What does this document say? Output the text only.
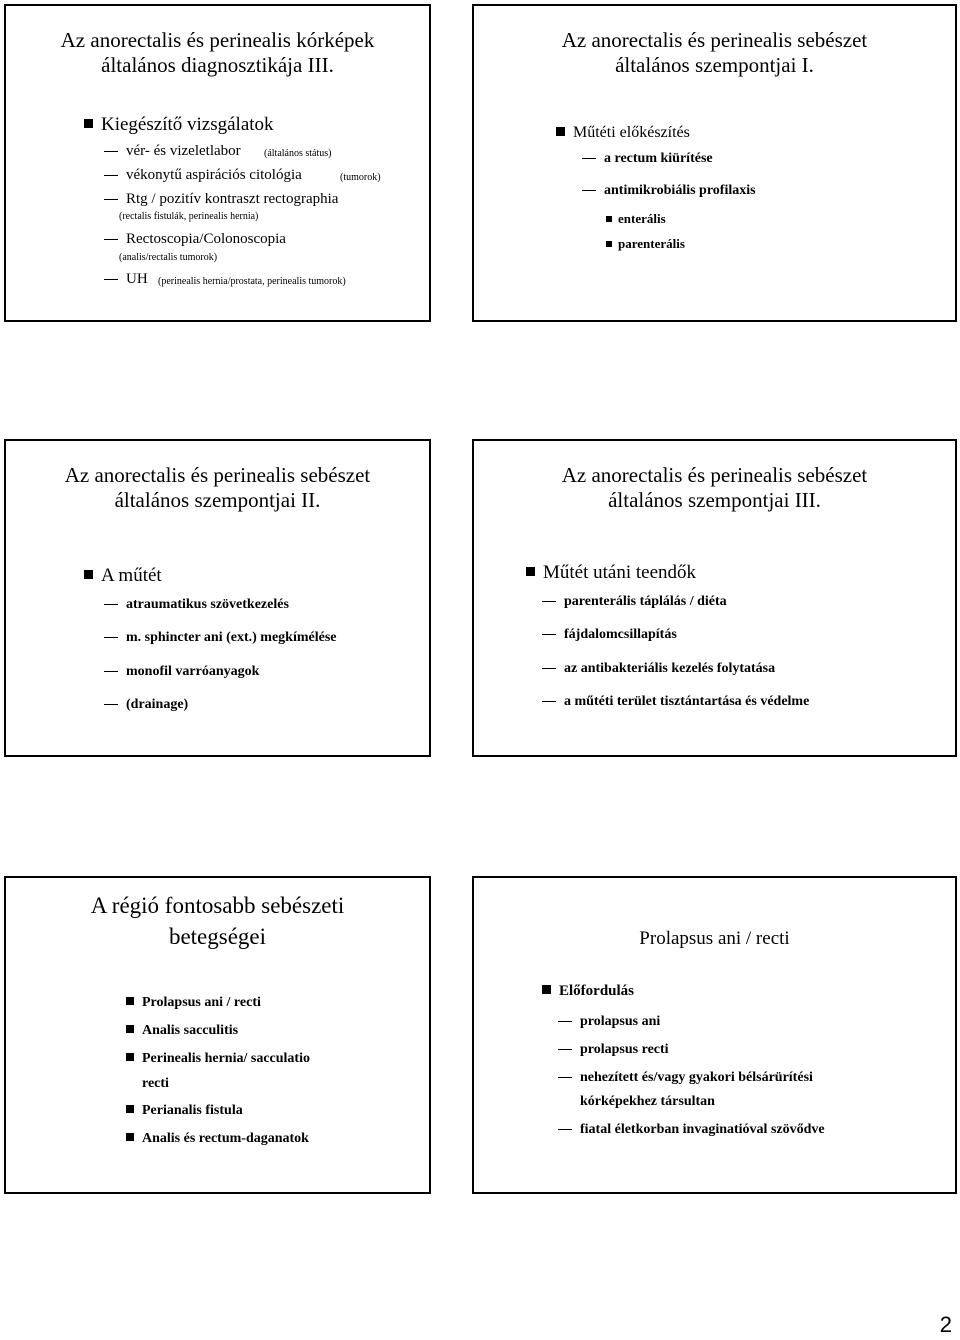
Az anorectalis és perinealis kórképek
általános diagnosztikája III.
Kiegészítő vizsgálatok
vér- és vizeletlabor (általános státus)
vékonytű aspirációs citológia	(tumorok)
Rtg / pozitív kontraszt rectographia
(rectalis fistulák, perinealis hernia)
Rectoscopia/Colonoscopia
(analis/rectalis tumorok)
UH (perinealis hernia/prostata, perinealis tumorok)
Az anorectalis és perinealis sebészet
általános szempontjai I.
Műtéti előkészítés
a rectum kiürítése
antimikrobiális profilaxis
enterális
parenterális
Az anorectalis és perinealis sebészet
általános szempontjai II.
A műtét
atraumatikus szövetkezelés
m. sphincter ani (ext.) megkímélése
monofil varróanyagok
(drainage)
Az anorectalis és perinealis sebészet
általános szempontjai III.
Műtét utáni teendők
parenterális táplálás / diéta
fájdalomcsillapítás
az antibakteriális kezelés folytatása
a műtéti terület tisztántartása és védelme
A régió fontosabb sebészeti
betegségei
Prolapsus ani / recti
Analis sacculitis
Perinealis hernia/ sacculatio
recti
Perianalis fistula
Analis és rectum-daganatok
Prolapsus ani / recti
Előfordulás
prolapsus ani
prolapsus recti
nehezített és/vagy gyakori bélsárürítési
kórképekhez társultan
fiatal életkorban invaginatióval szövődve
2
